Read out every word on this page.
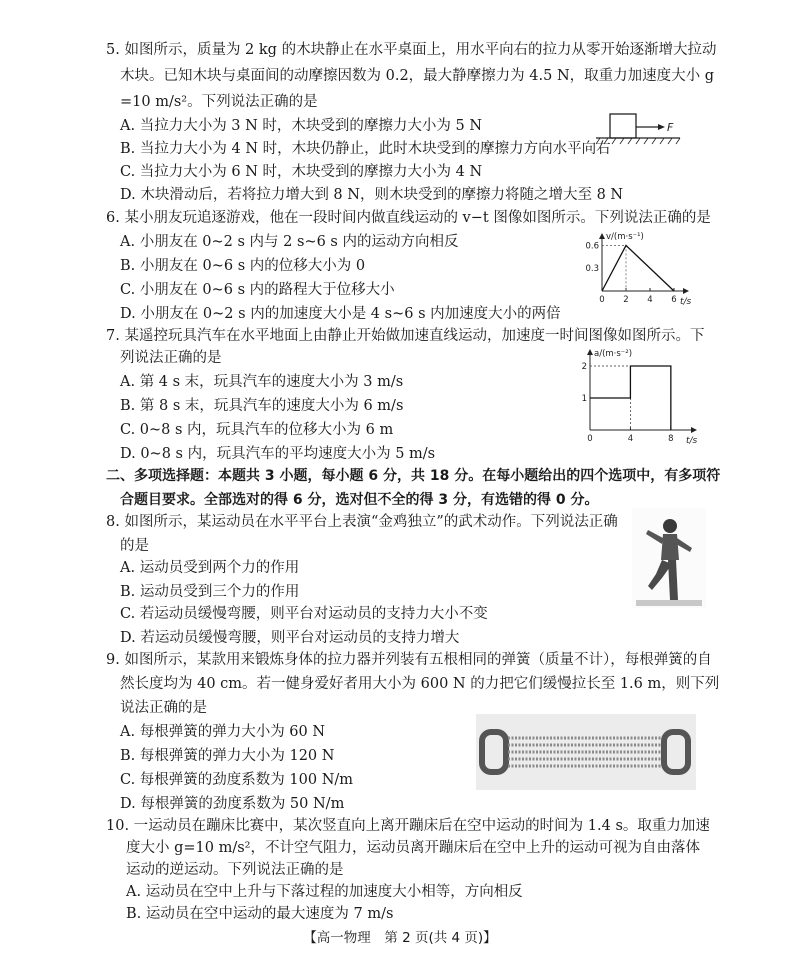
5. 如图所示，质量为 2 kg 的木块静止在水平桌面上，用水平向右的拉力从零开始逐渐增大拉动
木块。已知木块与桌面间的动摩擦因数为 0.2，最大静摩擦力为 4.5 N，取重力加速度大小 g
=10 m/s²。下列说法正确的是
A. 当拉力大小为 3 N 时，木块受到的摩擦力大小为 5 N
B. 当拉力大小为 4 N 时，木块仍静止，此时木块受到的摩擦力方向水平向右
C. 当拉力大小为 6 N 时，木块受到的摩擦力大小为 4 N
D. 木块滑动后，若将拉力增大到 8 N，则木块受到的摩擦力将随之增大至 8 N
F
6. 某小朋友玩追逐游戏，他在一段时间内做直线运动的 v−t 图像如图所示。下列说法正确的是
A. 小朋友在 0~2 s 内与 2 s~6 s 内的运动方向相反
B. 小朋友在 0~6 s 内的位移大小为 0
C. 小朋友在 0~6 s 内的路程大于位移大小
D. 小朋友在 0~2 s 内的加速度大小是 4 s~6 s 内加速度大小的两倍
v/(m·s⁻¹)
t/s
0.3
0.6
0 2 4 6
7. 某遥控玩具汽车在水平地面上由静止开始做加速直线运动，加速度一时间图像如图所示。下
列说法正确的是
A. 第 4 s 末，玩具汽车的速度大小为 3 m/s
B. 第 8 s 末，玩具汽车的速度大小为 6 m/s
C. 0~8 s 内，玩具汽车的位移大小为 6 m
D. 0~8 s 内，玩具汽车的平均速度大小为 5 m/s
a/(m·s⁻²)
t/s
1
2
0	4	8
二、多项选择题：本题共 3 小题，每小题 6 分，共 18 分。在每小题给出的四个选项中，有多项符
合题目要求。全部选对的得 6 分，选对但不全的得 3 分，有选错的得 0 分。
8. 如图所示，某运动员在水平平台上表演“金鸡独立”的武术动作。下列说法正确
的是
A. 运动员受到两个力的作用
B. 运动员受到三个力的作用
C. 若运动员缓慢弯腰，则平台对运动员的支持力大小不变
D. 若运动员缓慢弯腰，则平台对运动员的支持力增大
9. 如图所示，某款用来锻炼身体的拉力器并列装有五根相同的弹簧（质量不计），每根弹簧的自
然长度均为 40 cm。若一健身爱好者用大小为 600 N 的力把它们缓慢拉长至 1.6 m，则下列
说法正确的是
A. 每根弹簧的弹力大小为 60 N
B. 每根弹簧的弹力大小为 120 N
C. 每根弹簧的劲度系数为 100 N/m
D. 每根弹簧的劲度系数为 50 N/m
10. 一运动员在蹦床比赛中，某次竖直向上离开蹦床后在空中运动的时间为 1.4 s。取重力加速
度大小 g=10 m/s²，不计空气阻力，运动员离开蹦床后在空中上升的运动可视为自由落体
运动的逆运动。下列说法正确的是
A. 运动员在空中上升与下落过程的加速度大小相等，方向相反
B. 运动员在空中运动的最大速度为 7 m/s
【高一物理　第 2 页(共 4 页)】
